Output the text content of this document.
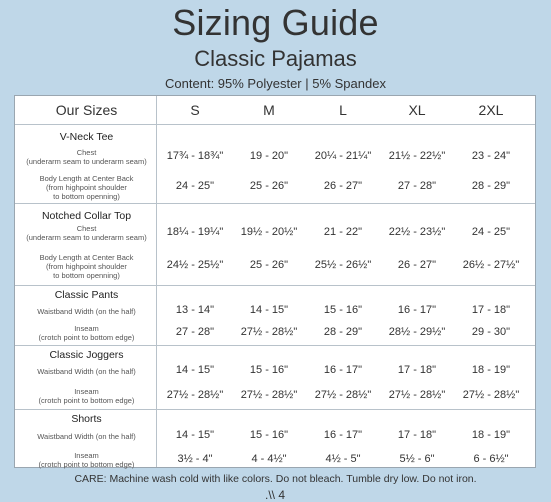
Sizing Guide
Classic Pajamas
Content: 95% Polyester | 5% Spandex
Our Sizes	S	M	L	XL	2XL
V-Neck Tee
Chest
(underarm seam to underarm seam)	17¾ - 18¾"	19 - 20"	20¼ - 21¼"	21½ - 22½"	23 - 24"
Body Length at Center Back
(from highpoint shoulder
to bottom openning)
24 - 25"	25 - 26"	26 - 27"	27 - 28"	28 - 29"
Notched Collar Top
Chest
(underarm seam to underarm seam)	18¼ - 19¼"	19½ - 20½"	21 - 22"	22½ - 23½"	24 - 25"
Body Length at Center Back
(from highpoint shoulder
to bottom openning)
24½ - 25½"	25 - 26"	25½ - 26½"	26 - 27"	26½ - 27½"
Classic Pants
Waistband Width (on the half)	13 - 14"	14 - 15"	15 - 16"	16 - 17"	17 - 18"
Inseam
(crotch point to bottom edge)	27 - 28"	27½ - 28½"	28 - 29"	28½ - 29½"	29 - 30"
Classic Joggers
Waistband Width (on the half)	14 - 15"	15 - 16"	16 - 17"	17 - 18"	18 - 19"
Inseam
(crotch point to bottom edge)	27½ - 28½"	27½ - 28½"	27½ - 28½"	27½ - 28½"	27½ - 28½"
Shorts
Waistband Width (on the half)	14 - 15"	15 - 16"	16 - 17"	17 - 18"	18 - 19"
Inseam
(crotch point to bottom edge)	3½ - 4"	4 - 4½"	4½ - 5"	5½ - 6"	6 - 6½"
CARE: Machine wash cold with like colors. Do not bleach. Tumble dry low. Do not iron.
.\\ 4
